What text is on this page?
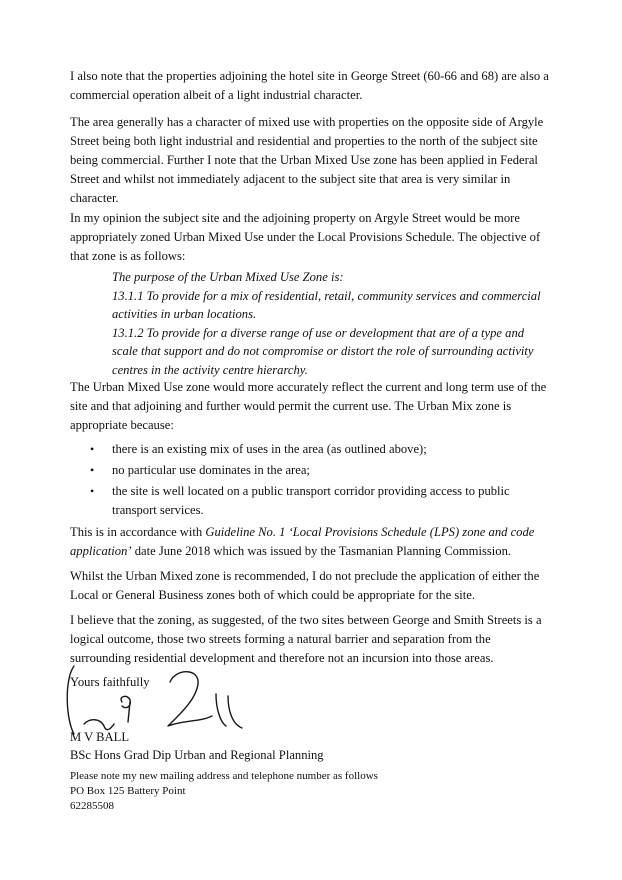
I also note that the properties adjoining the hotel site in George Street (60-66 and 68) are also a commercial operation albeit of a light industrial character.

The area generally has a character of mixed use with properties on the opposite side of Argyle Street being both light industrial and residential and properties to the north of the subject site being commercial. Further I note that the Urban Mixed Use zone has been applied in Federal Street and whilst not immediately adjacent to the subject site that area is very similar in character.

In my opinion the subject site and the adjoining property on Argyle Street would be more appropriately zoned Urban Mixed Use under the Local Provisions Schedule. The objective of that zone is as follows:

The purpose of the Urban Mixed Use Zone is:
13.1.1 To provide for a mix of residential, retail, community services and commercial activities in urban locations.
13.1.2 To provide for a diverse range of use or development that are of a type and scale that support and do not compromise or distort the role of surrounding activity centres in the activity centre hierarchy.

The Urban Mixed Use zone would more accurately reflect the current and long term use of the site and that adjoining and further would permit the current use. The Urban Mix zone is appropriate because:

• there is an existing mix of uses in the area (as outlined above);
• no particular use dominates in the area;
• the site is well located on a public transport corridor providing access to public transport services.

This is in accordance with Guideline No. 1 ‘Local Provisions Schedule (LPS) zone and code application’ date June 2018 which was issued by the Tasmanian Planning Commission.

Whilst the Urban Mixed zone is recommended, I do not preclude the application of either the Local or General Business zones both of which could be appropriate for the site.

I believe that the zoning, as suggested, of the two sites between George and Smith Streets is a logical outcome, those two streets forming a natural barrier and separation from the surrounding residential development and therefore not an incursion into those areas.

Yours faithfully
M V BALL
BSc Hons Grad Dip Urban and Regional Planning
Please note my new mailing address and telephone number as follows
PO Box 125 Battery Point
62285508
